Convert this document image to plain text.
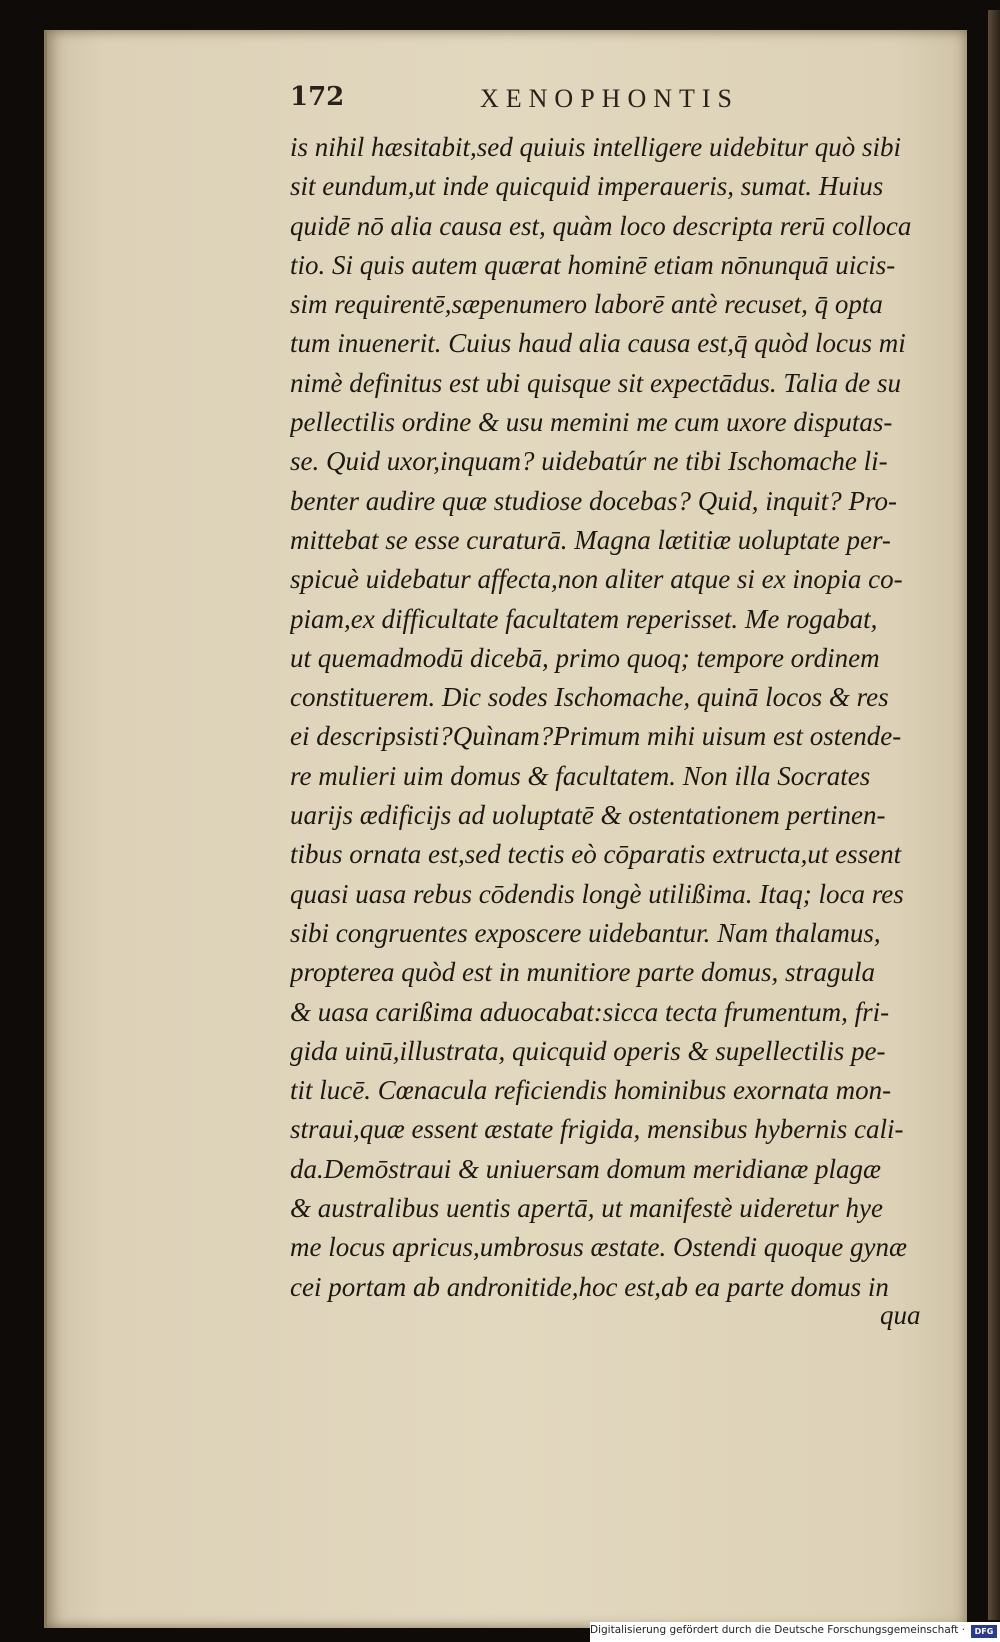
172	XENOPHONTIS
is nihil hæsitabit,sed quiuis intelligere uidebitur quò sibi
sit eundum,ut inde quicquid imperaueris, sumat. Huius
quidē nō alia causa est, quàm loco descripta rerū colloca
tio. Si quis autem quærat hominē etiam nōnunquā uicis-
sim requirentē,sæpenumero laborē antè recuset, q̄ opta
tum inuenerit. Cuius haud alia causa est,q̄ quòd locus mi
nimè definitus est ubi quisque sit expectādus. Talia de su
pellectilis ordine & usu memini me cum uxore disputas-
se. Quid uxor,inquam? uidebatúr ne tibi Ischomache li-
benter audire quæ studiose docebas? Quid, inquit? Pro-
mittebat se esse curaturā. Magna lætitiæ uoluptate per-
spicuè uidebatur affecta,non aliter atque si ex inopia co-
piam,ex difficultate facultatem reperisset. Me rogabat,
ut quemadmodū dicebā, primo quoq; tempore ordinem
constituerem. Dic sodes Ischomache, quinā locos & res
ei descripsisti?Quìnam?Primum mihi uisum est ostende-
re mulieri uim domus & facultatem. Non illa Socrates
uarijs ædificijs ad uoluptatē & ostentationem pertinen-
tibus ornata est,sed tectis eò cōparatis extructa,ut essent
quasi uasa rebus cōdendis longè utilißima. Itaq; loca res
sibi congruentes exposcere uidebantur. Nam thalamus,
propterea quòd est in munitiore parte domus, stragula
& uasa carißima aduocabat:sicca tecta frumentum, fri-
gida uinū,illustrata, quicquid operis & supellectilis pe-
tit lucē. Cœnacula reficiendis hominibus exornata mon-
straui,quæ essent æstate frigida, mensibus hybernis cali-
da.Demōstraui & uniuersam domum meridianæ plagæ
& australibus uentis apertā, ut manifestè uideretur hye
me locus apricus,umbrosus æstate. Ostendi quoque gynæ
cei portam ab andronitide,hoc est,ab ea parte domus in
qua
Digitalisierung gefördert durch die Deutsche Forschungsgemeinschaft ·	DFG
